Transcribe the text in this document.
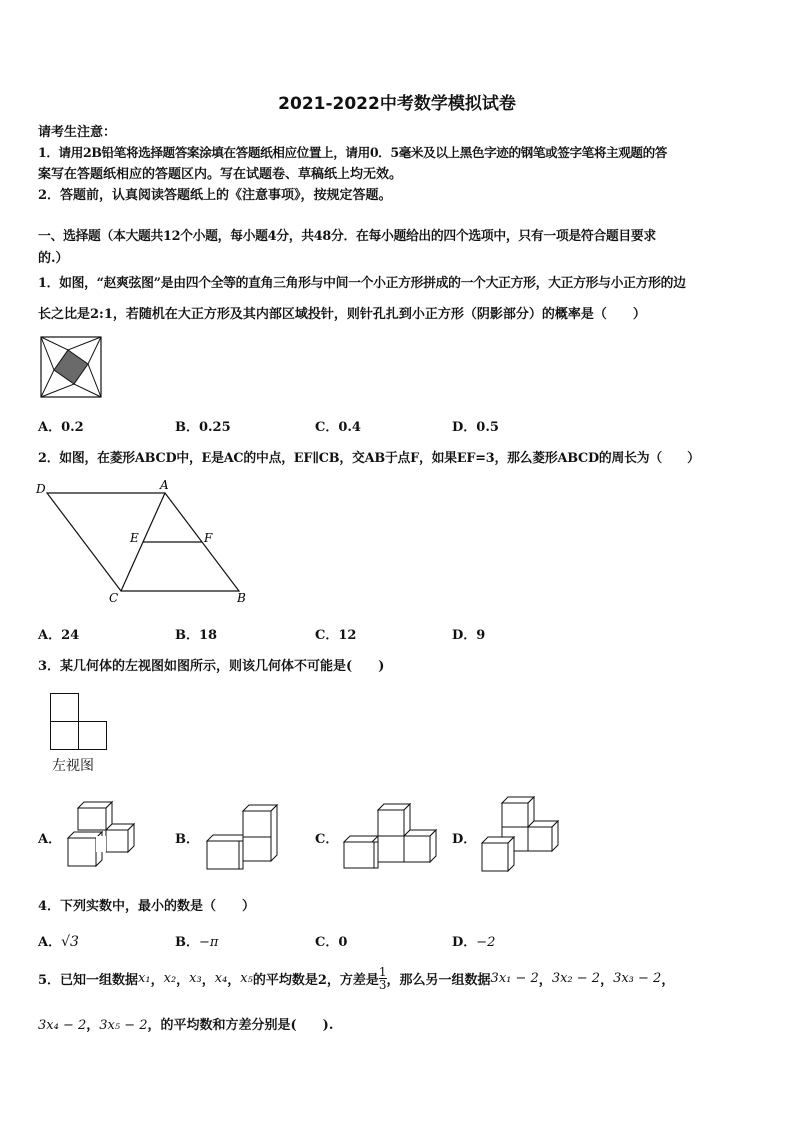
2021-2022中考数学模拟试卷
请考生注意：
1．请用2B铅笔将选择题答案涂填在答题纸相应位置上，请用0．5毫米及以上黑色字迹的钢笔或签字笔将主观题的答
案写在答题纸相应的答题区内。写在试题卷、草稿纸上均无效。
2．答题前，认真阅读答题纸上的《注意事项》，按规定答题。
一、选择题（本大题共12个小题，每小题4分，共48分．在每小题给出的四个选项中，只有一项是符合题目要求
的.）
1．如图，“赵爽弦图”是由四个全等的直角三角形与中间一个小正方形拼成的一个大正方形，大正方形与小正方形的边
长之比是2:1，若随机在大正方形及其内部区域投针，则针孔扎到小正方形（阴影部分）的概率是（　　）
A．0.2	B．0.25	C．0.4	D．0.5
2．如图，在菱形ABCD中，E是AC的中点，EF∥CB，交AB于点F，如果EF=3，那么菱形ABCD的周长为（　　）
D	A
E	F
C	B
A．24	B．18	C．12	D．9
3．某几何体的左视图如图所示，则该几何体不可能是(　　)
左视图
A．	B．	C．	D．
4．下列实数中，最小的数是（　　）
A．√3	B．−π	C．0	D．−2
5．已知一组数据 x₁ ， x₂ ， x₃ ， x₄ ， x₅ 的平均数是2，方差是 $\frac{1}{3}$ ，那么另一组数据 3x₁ − 2 ， 3x₂ − 2 ， 3x₃ − 2 ，
3x₄ − 2，3x₅ − 2，的平均数和方差分别是(　　).
